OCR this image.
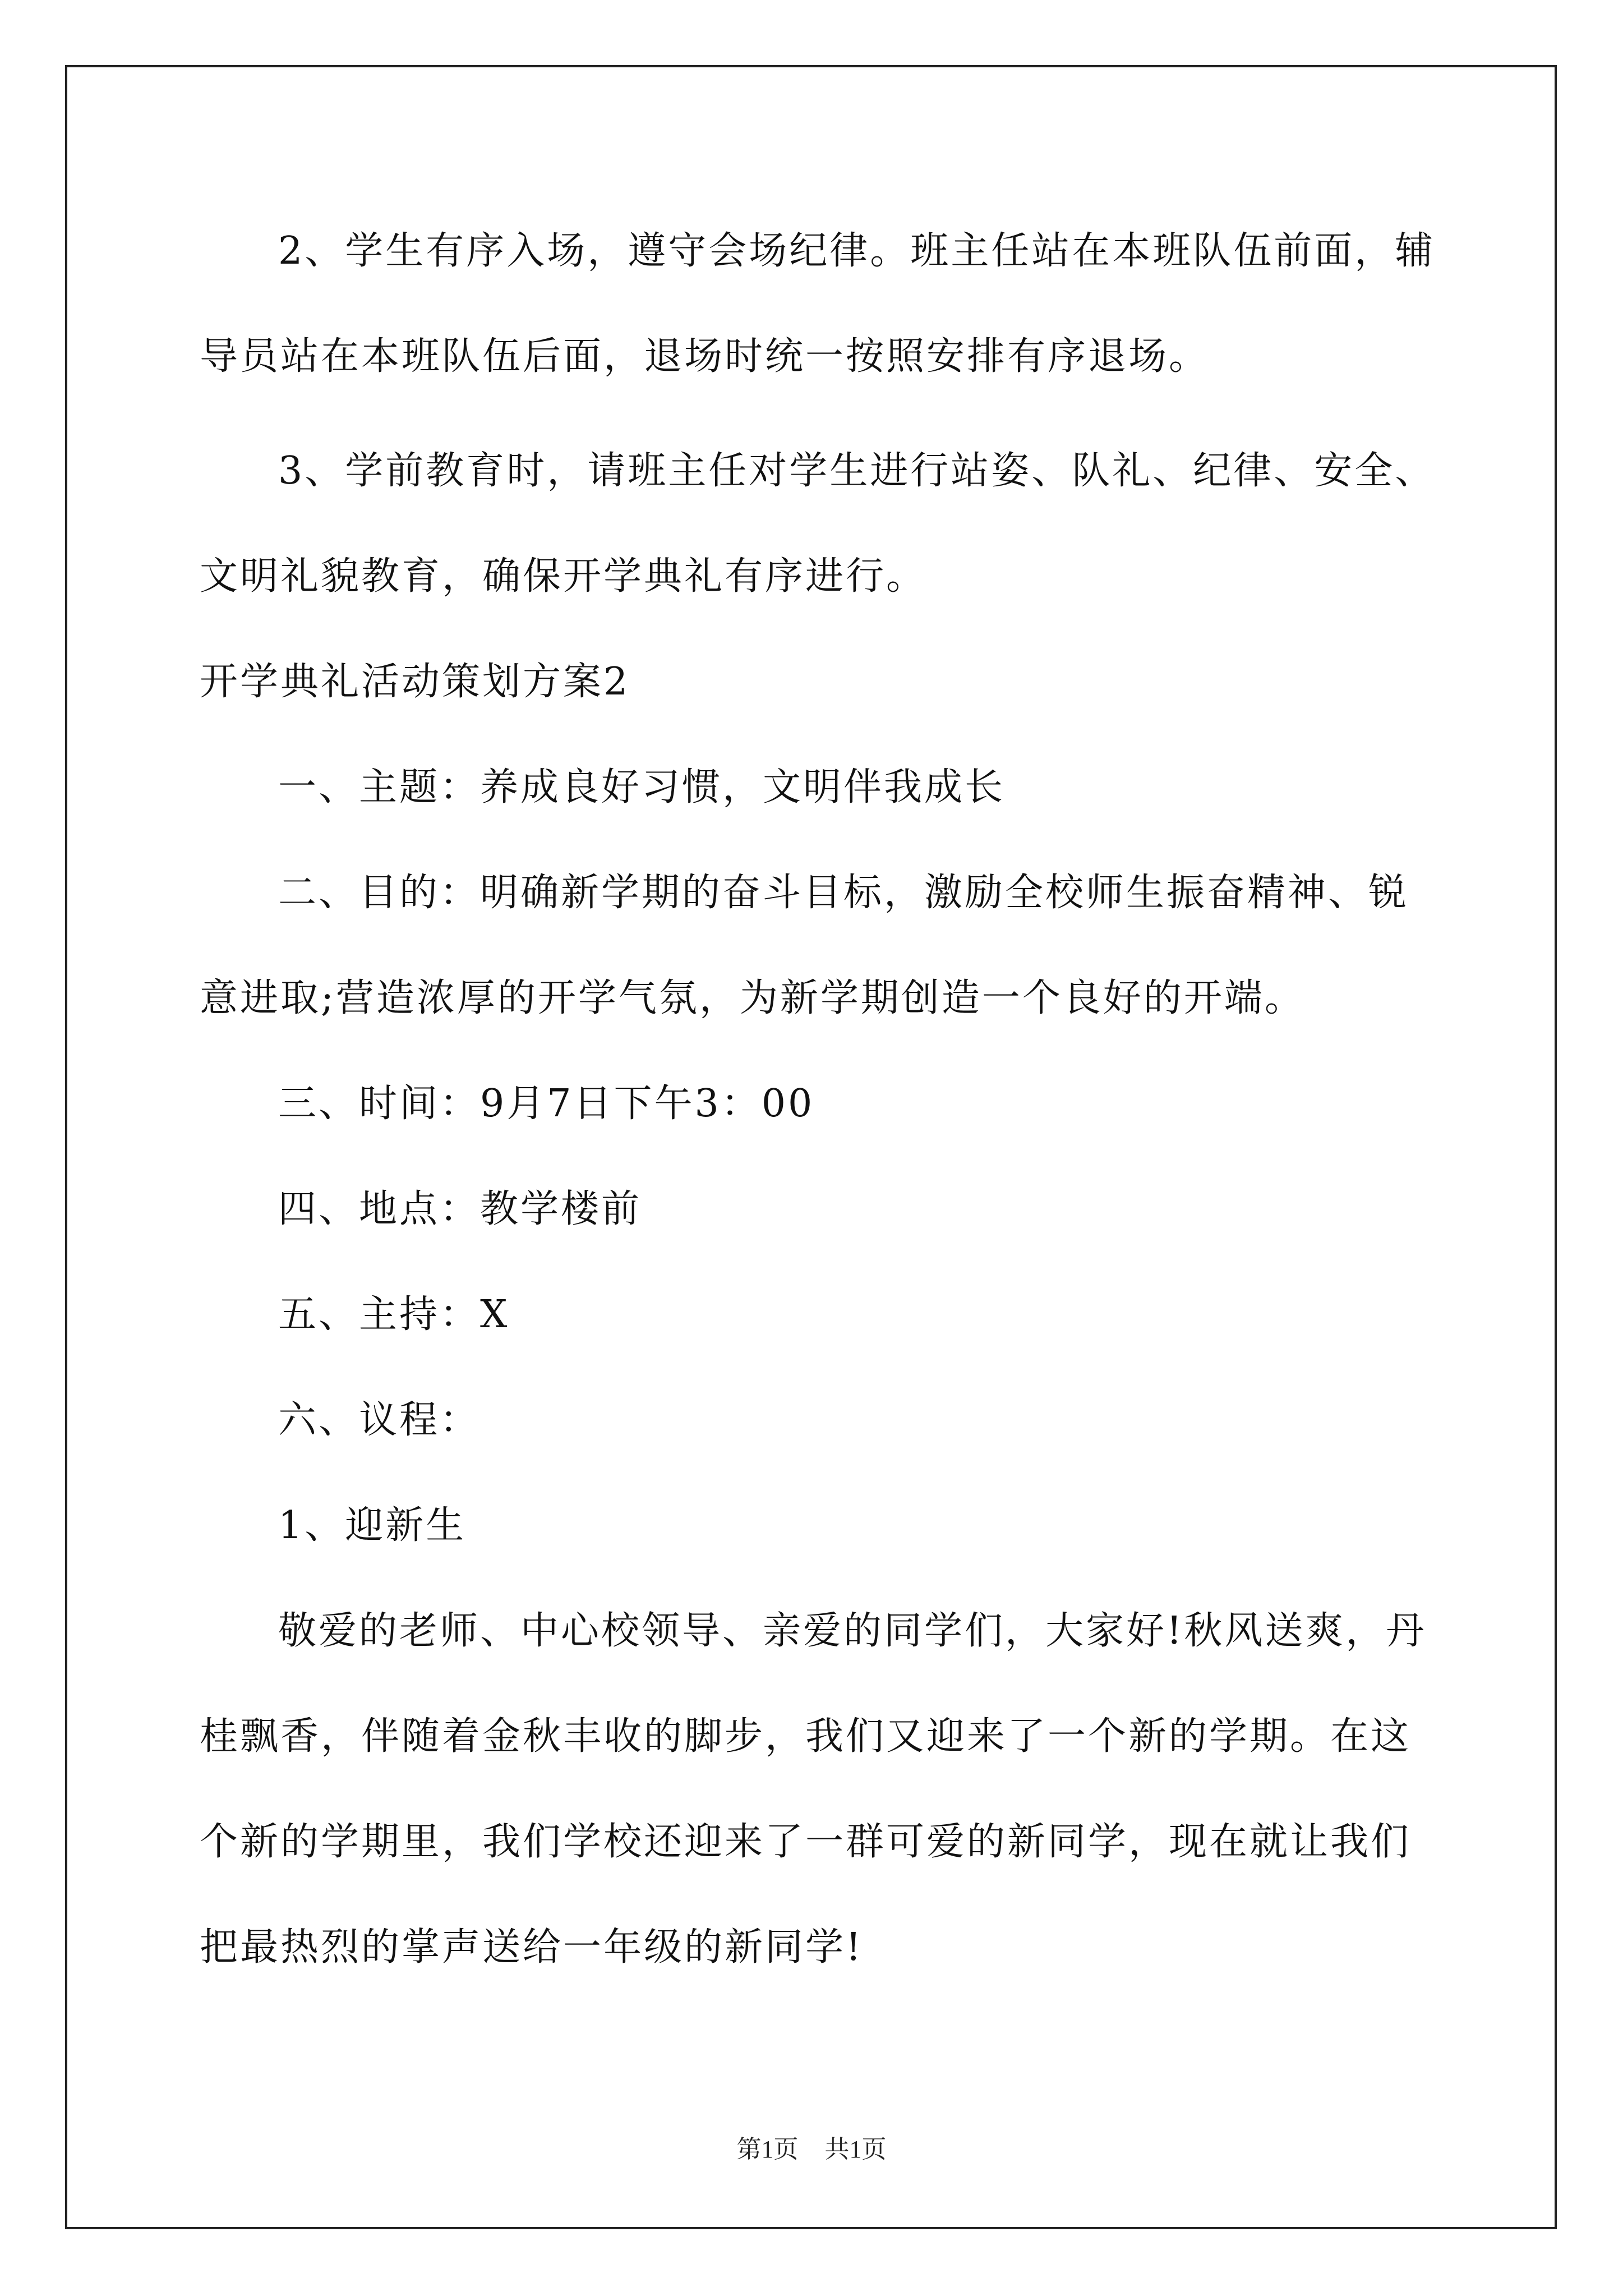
2、学生有序入场，遵守会场纪律。班主任站在本班队伍前面，辅
导员站在本班队伍后面，退场时统一按照安排有序退场。
3、学前教育时，请班主任对学生进行站姿、队礼、纪律、安全、
文明礼貌教育，确保开学典礼有序进行。
开学典礼活动策划方案2
一、主题：养成良好习惯，文明伴我成长
二、目的：明确新学期的奋斗目标，激励全校师生振奋精神、锐
意进取;营造浓厚的开学气氛，为新学期创造一个良好的开端。
三、时间：9月7日下午3：00
四、地点：教学楼前
五、主持：X
六、议程：
1、迎新生
敬爱的老师、中心校领导、亲爱的同学们，大家好!秋风送爽，丹
桂飘香，伴随着金秋丰收的脚步，我们又迎来了一个新的学期。在这
个新的学期里，我们学校还迎来了一群可爱的新同学，现在就让我们
把最热烈的掌声送给一年级的新同学!
第1页 共1页
